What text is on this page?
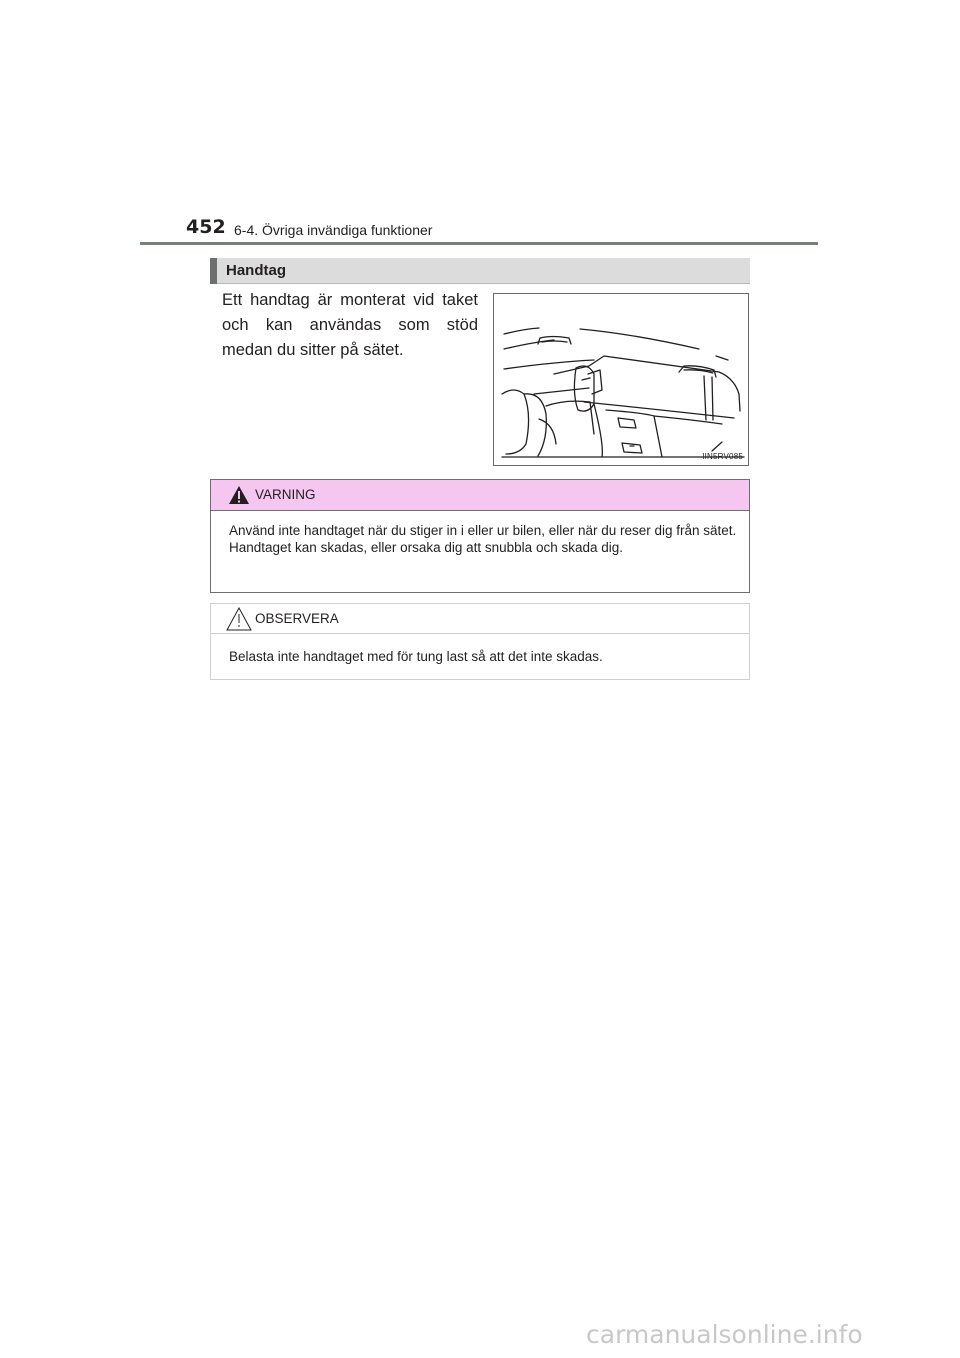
452 6-4. Övriga invändiga funktioner
Handtag
Ett handtag är monterat vid taket och kan användas som stöd medan du sitter på sätet.
IIN5RV085
VARNING
Använd inte handtaget när du stiger in i eller ur bilen, eller när du reser dig från sätet.
Handtaget kan skadas, eller orsaka dig att snubbla och skada dig.
OBSERVERA
Belasta inte handtaget med för tung last så att det inte skadas.
carmanualsonline.info
